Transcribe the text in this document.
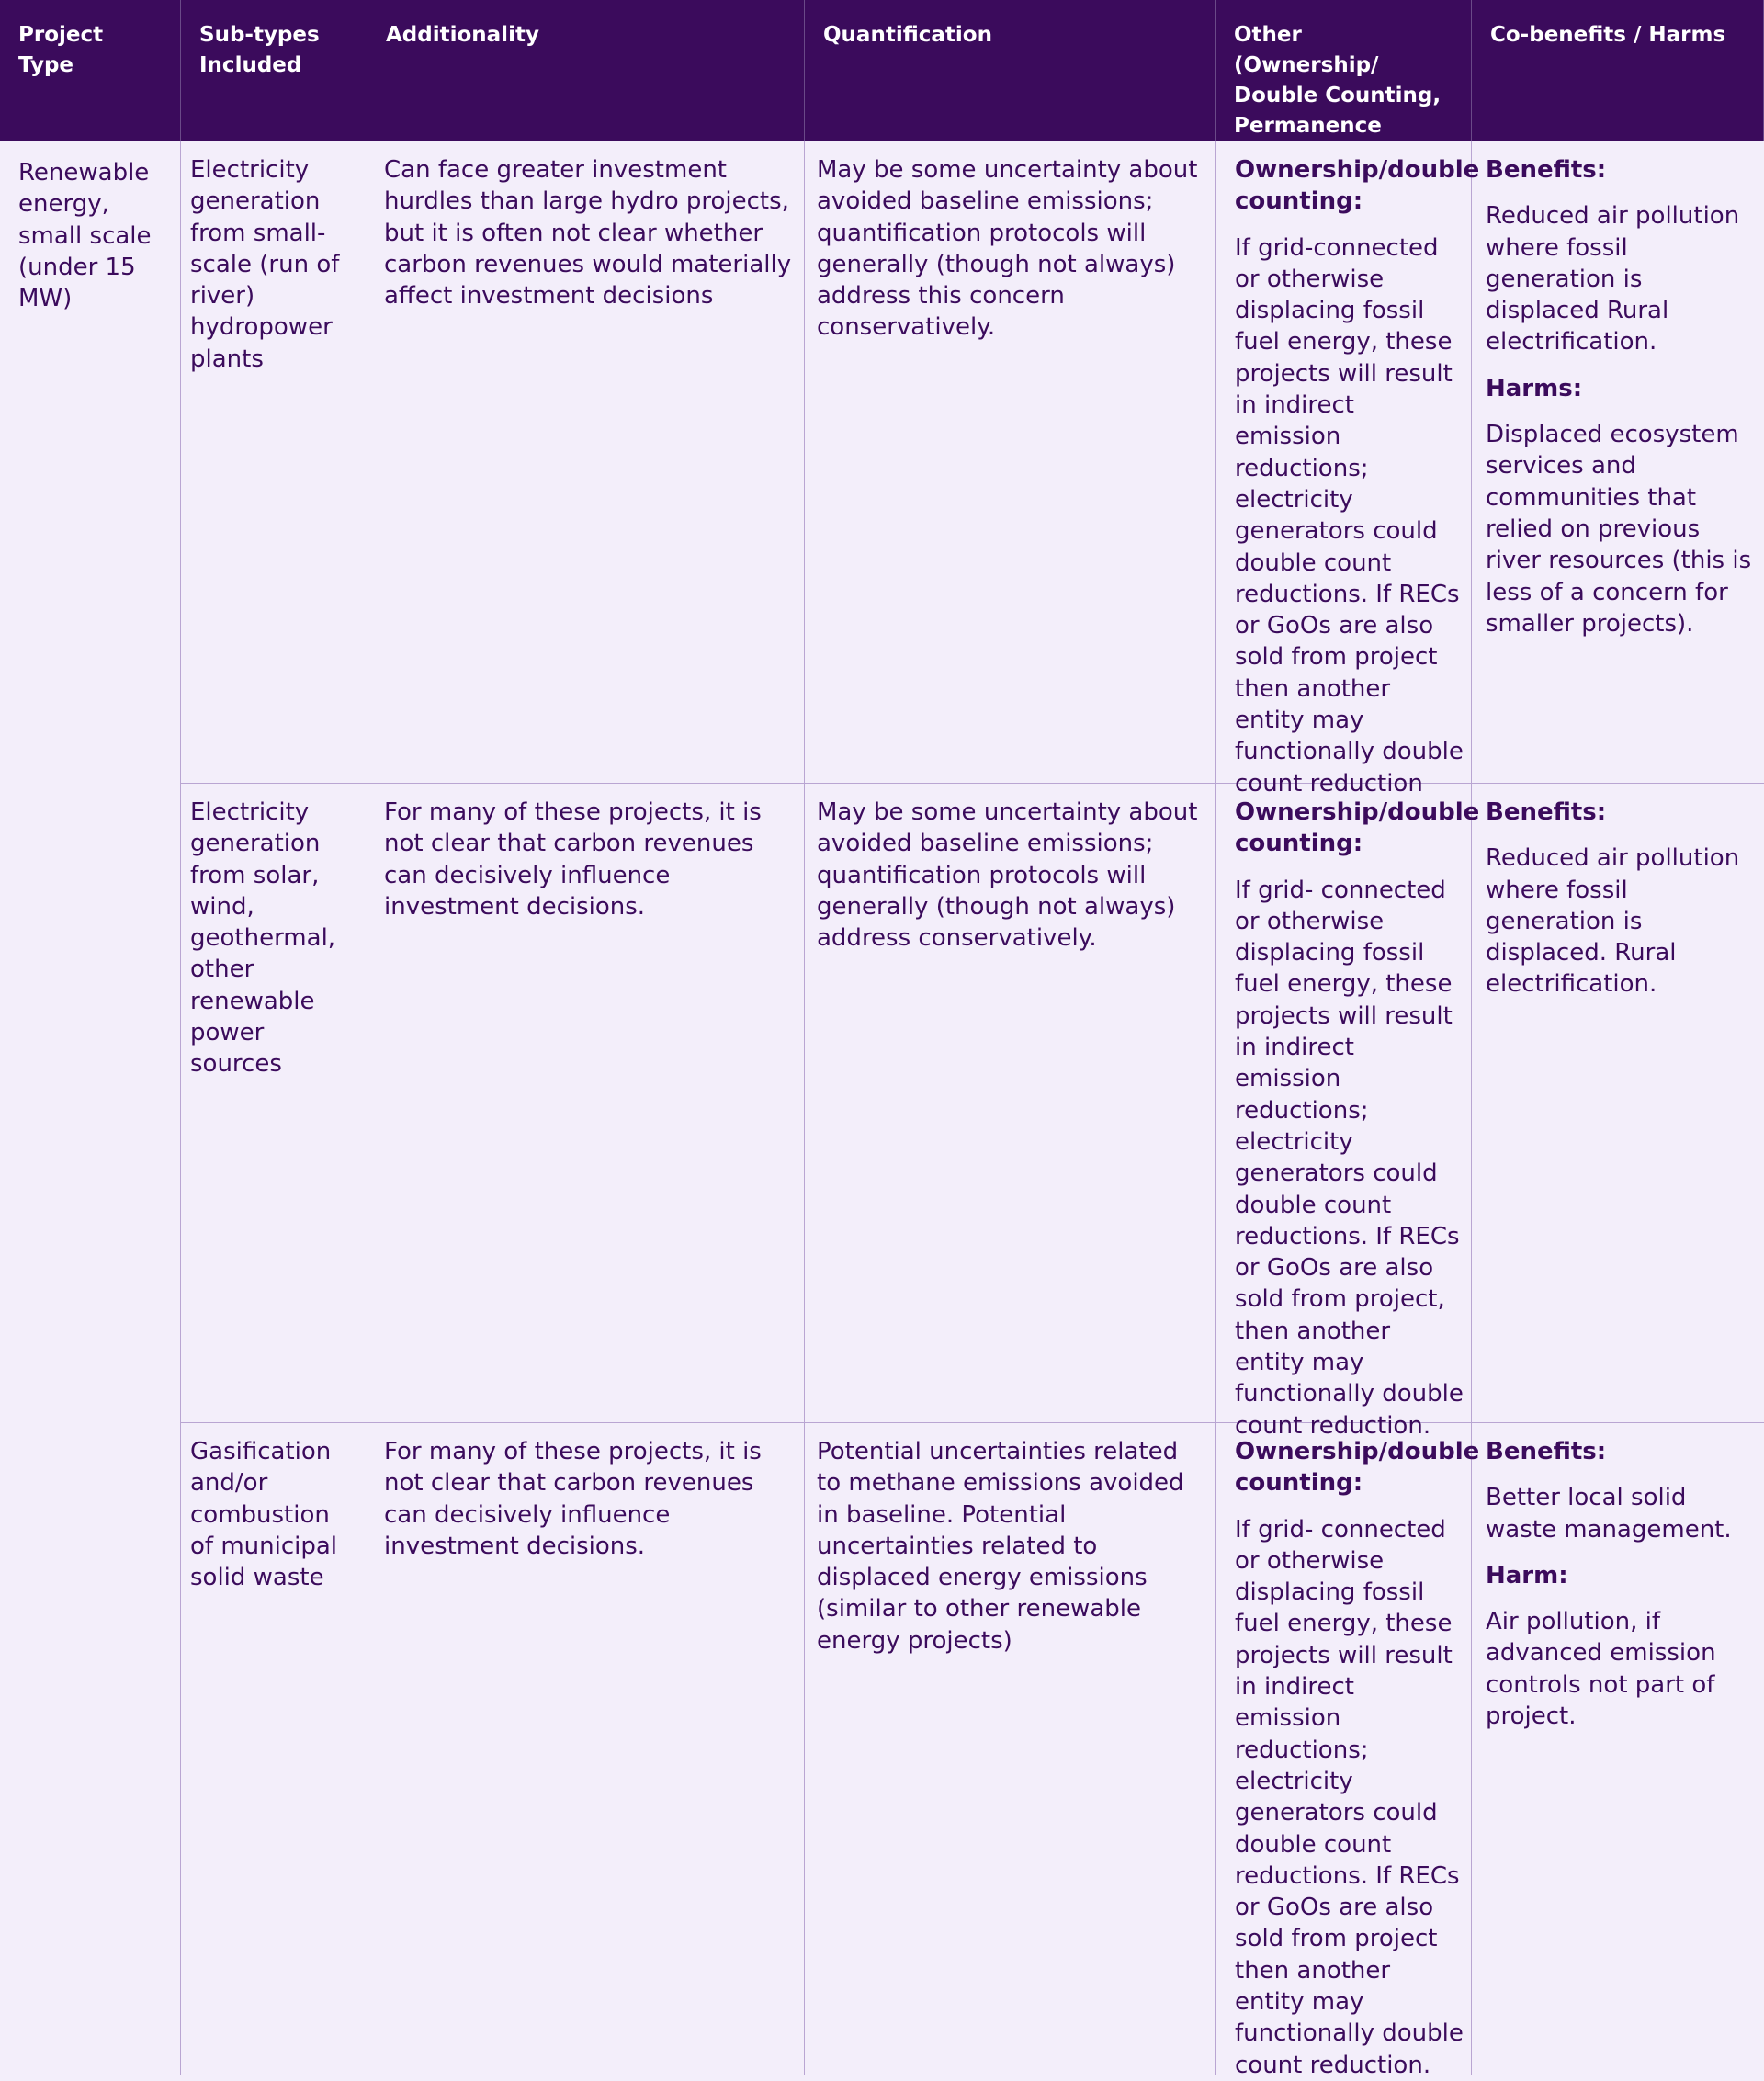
Project Type
Sub-types Included
Additionality	Quantification	Other (Ownership/ Double Counting, Permanence
Co-benefits / Harms
Renewable energy, small scale (under 15 MW)
Electricity generation from small-scale (run of river) hydropower plants
Can face greater investment hurdles than large hydro projects, but it is often not clear whether carbon revenues would materially affect investment decisions
May be some uncertainty about avoided baseline emissions; quantification protocols will generally (though not always) address this concern conservatively.
Ownership/double counting:
If grid-connected or otherwise displacing fossil fuel energy, these projects will result in indirect emission reductions; electricity generators could double count reductions. If RECs or GoOs are also sold from project then another entity may functionally double count reduction
Benefits:
Reduced air pollution where fossil generation is displaced Rural electrification.
Harms:
Displaced ecosystem services and communities that relied on previous river resources (this is less of a concern for smaller projects).
Electricity generation from solar, wind, geothermal, other renewable power sources
For many of these projects, it is not clear that carbon revenues can decisively influence investment decisions.
May be some uncertainty about avoided baseline emissions; quantification protocols will generally (though not always) address conservatively.
Ownership/double counting:
If grid- connected or otherwise displacing fossil fuel energy, these projects will result in indirect emission reductions; electricity generators could double count reductions. If RECs or GoOs are also sold from project, then another entity may functionally double count reduction.
Benefits:
Reduced air pollution where fossil generation is displaced. Rural electrification.
Gasification and/or combustion of municipal solid waste
For many of these projects, it is not clear that carbon revenues can decisively influence investment decisions.
Potential uncertainties related to methane emissions avoided in baseline. Potential uncertainties related to displaced energy emissions (similar to other renewable energy projects)
Ownership/double counting:
If grid- connected or otherwise displacing fossil fuel energy, these projects will result in indirect emission reductions; electricity generators could double count reductions. If RECs or GoOs are also sold from project then another entity may functionally double count reduction.
Benefits:
Better local solid waste management.
Harm:
Air pollution, if advanced emission controls not part of project.
